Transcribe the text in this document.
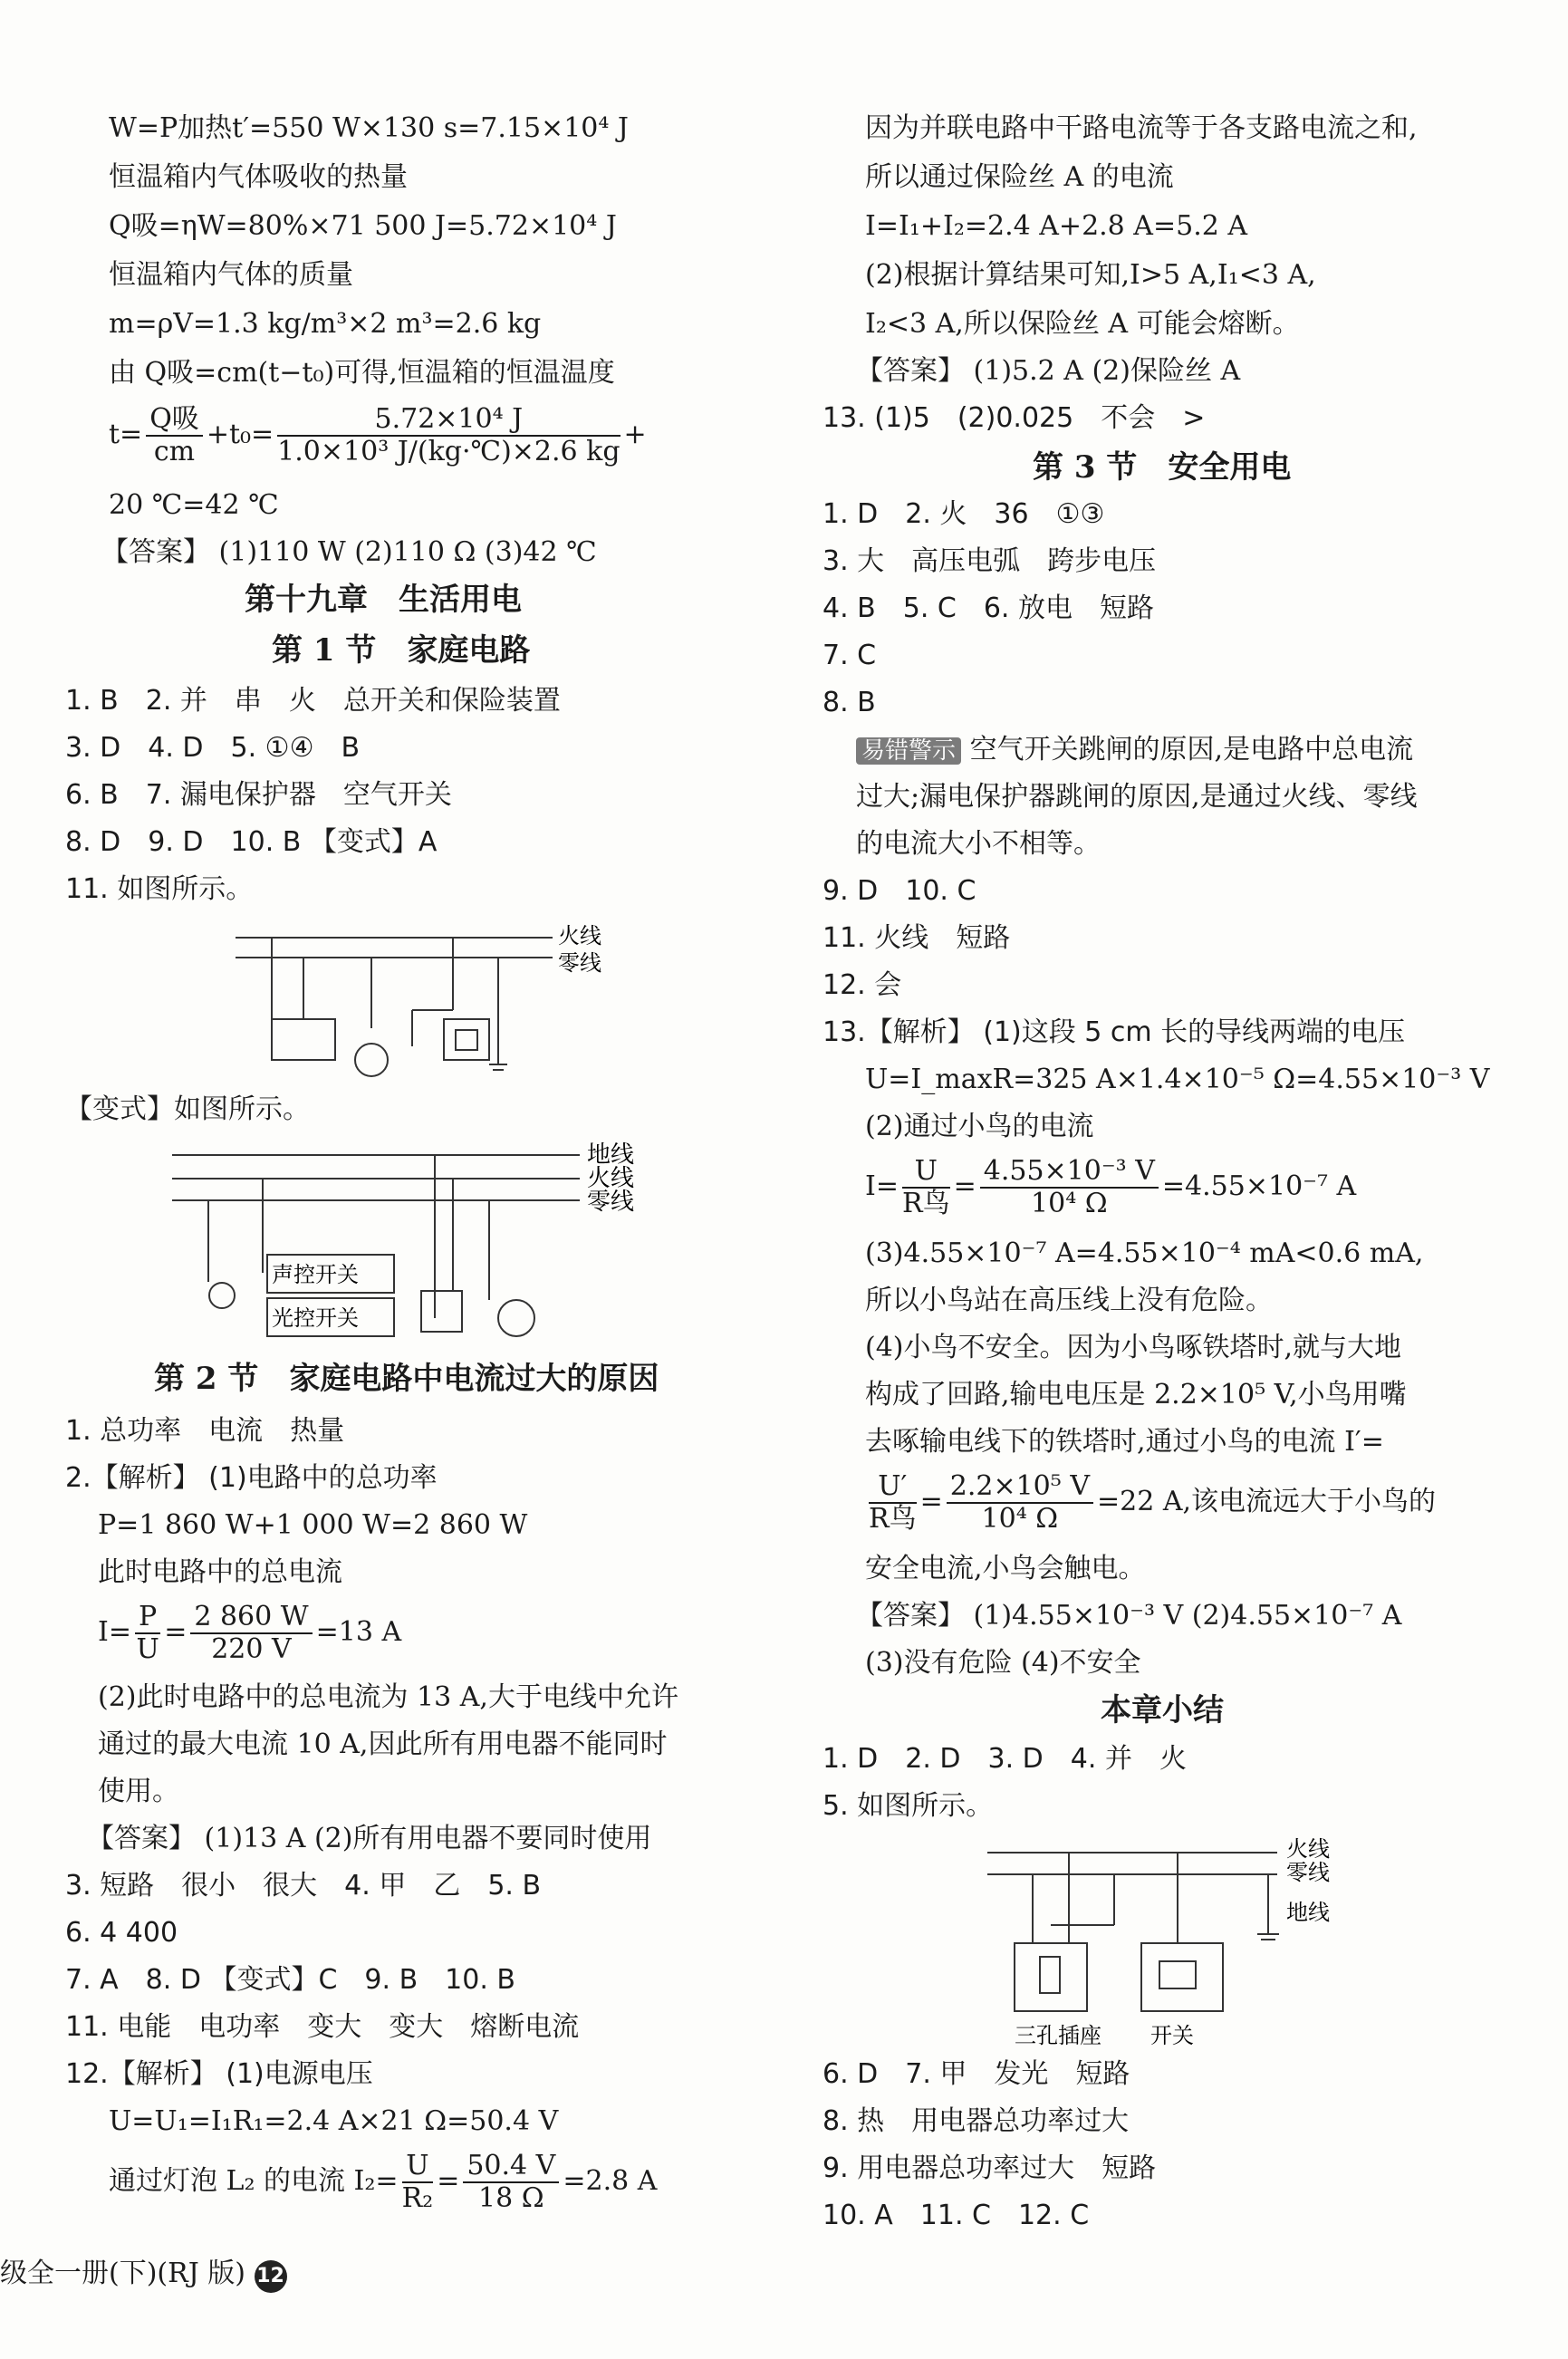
W=P加热t′=550 W×130 s=7.15×10⁴ J
恒温箱内气体吸收的热量
Q吸=ηW=80%×71 500 J=5.72×10⁴ J
恒温箱内气体的质量
m=ρV=1.3 kg/m³×2 m³=2.6 kg
由 Q吸=cm(t−t₀)可得,恒温箱的恒温温度
$t= \frac{\text{Q吸}}{cm} +t_0= \frac{\text{5.72×10⁴ J}}{\text{1.0×10³ J/(kg·℃)×2.6 kg}}$ +
20 ℃=42 ℃
【答案】 (1)110 W (2)110 Ω (3)42 ℃
第十九章　生活用电
第 1 节　家庭电路
1. B　2. 并　串　火　总开关和保险装置
3. D　4. D　5. ①④　B
6. B　7. 漏电保护器　空气开关
8. D　9. D　10. B 【变式】A
11. 如图所示。
火线
零线
【变式】如图所示。
地线
火线
零线
声控开关
光控开关
第 2 节　家庭电路中电流过大的原因
1. 总功率　电流　热量
2.【解析】 (1)电路中的总功率
P=1 860 W+1 000 W=2 860 W
此时电路中的总电流
$I= \frac{P}{U} = \frac{2 860 W}{220 V} =13$ A
(2)此时电路中的总电流为 13 A,大于电线中允许
通过的最大电流 10 A,因此所有用电器不能同时
使用。
【答案】 (1)13 A (2)所有用电器不要同时使用
3. 短路　很小　很大　4. 甲　乙　5. B
6. 4 400
7. A　8. D 【变式】C　9. B　10. B
11. 电能　电功率　变大　变大　熔断电流
12.【解析】 (1)电源电压
U=U₁=I₁R₁=2.4 A×21 Ω=50.4 V
通过灯泡 L₂ 的电流 $I_2= \frac{U}{\text{R₂}} = \frac{50.4 V}{18 \Omega} =2.8$ A
级全一册(下)(RJ 版) 12
因为并联电路中干路电流等于各支路电流之和,
所以通过保险丝 A 的电流
I=I₁+I₂=2.4 A+2.8 A=5.2 A
(2)根据计算结果可知,I>5 A,I₁<3 A,
I₂<3 A,所以保险丝 A 可能会熔断。
【答案】 (1)5.2 A (2)保险丝 A
13. (1)5　(2)0.025　不会　>
第 3 节　安全用电
1. D　2. 火　36　①③
3. 大　高压电弧　跨步电压
4. B　5. C　6. 放电　短路
7. C
8. B
易错警示 空气开关跳闸的原因,是电路中总电流
过大;漏电保护器跳闸的原因,是通过火线、零线
的电流大小不相等。
9. D　10. C
11. 火线　短路
12. 会
13.【解析】 (1)这段 5 cm 长的导线两端的电压
U=I_maxR=325 A×1.4×10⁻⁵ Ω=4.55×10⁻³ V
(2)通过小鸟的电流
$I= \frac{U}{\text{R鸟}} = \frac{\text{4.55×10⁻³ V}}{\text{10⁴ Ω}} =4.55\times 10^{-7}$ A
(3)4.55×10⁻⁷ A=4.55×10⁻⁴ mA<0.6 mA,
所以小鸟站在高压线上没有危险。
(4)小鸟不安全。因为小鸟啄铁塔时,就与大地
构成了回路,输电电压是 2.2×10⁵ V,小鸟用嘴
去啄输电线下的铁塔时,通过小鸟的电流 I′=
$\frac{U'}{\text{R鸟}} = \frac{\text{2.2×10⁵ V}}{\text{10⁴ Ω}} =22$ A,该电流远大于小鸟的
安全电流,小鸟会触电。
【答案】 (1)4.55×10⁻³ V (2)4.55×10⁻⁷ A
(3)没有危险 (4)不安全
本章小结
1. D　2. D　3. D　4. 并　火
5. 如图所示。
火线
零线
地线
三孔插座 开关
6. D　7. 甲　发光　短路
8. 热　用电器总功率过大
9. 用电器总功率过大　短路
10. A　11. C　12. C
